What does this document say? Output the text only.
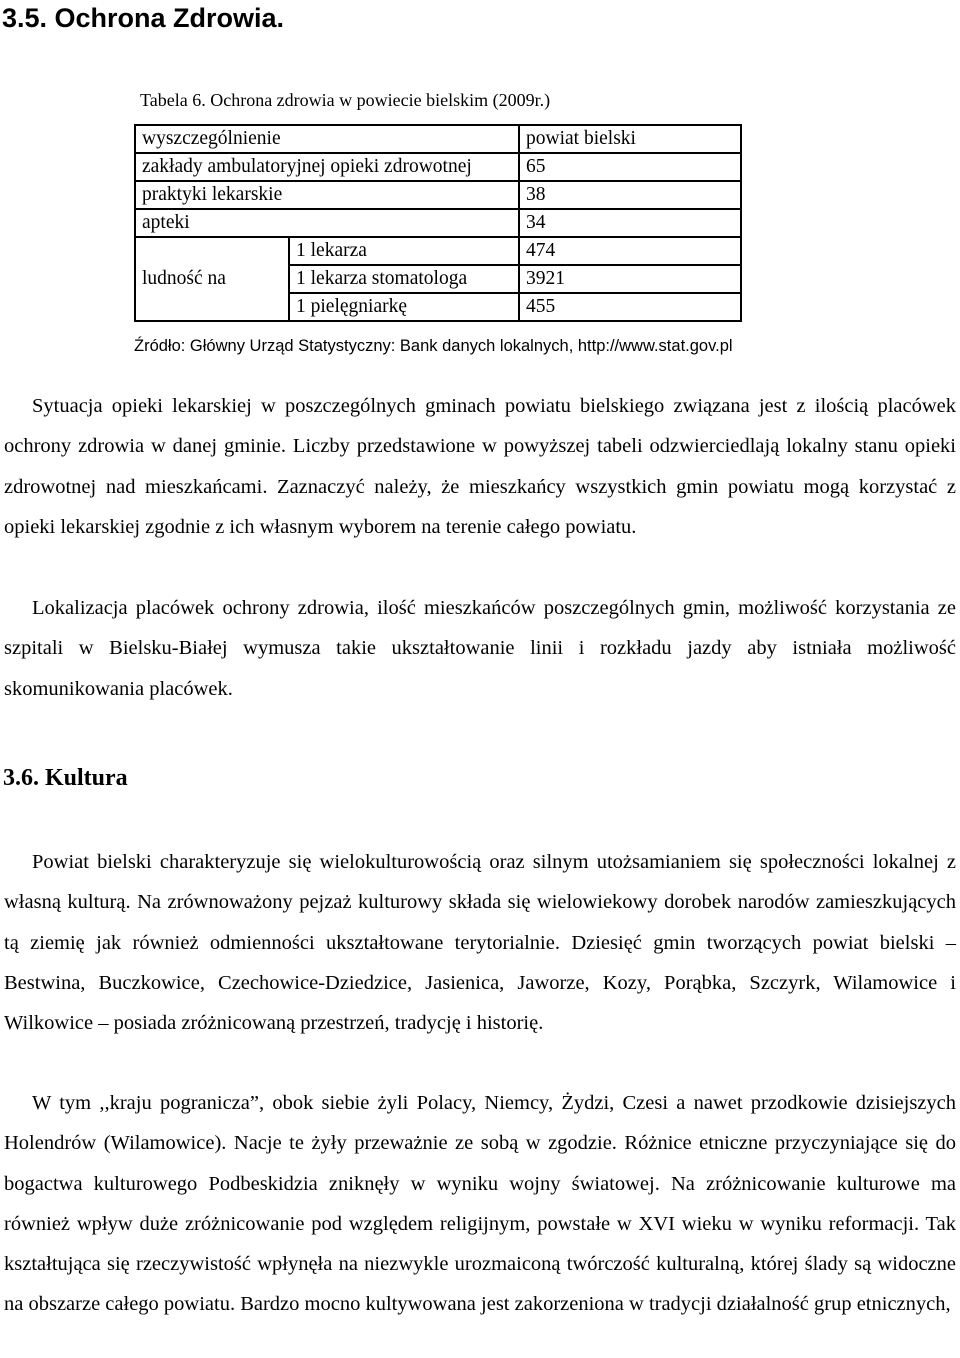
3.5. Ochrona Zdrowia.
Tabela 6. Ochrona zdrowia w powiecie bielskim (2009r.)
wyszczególnienie		powiat bielski
zakłady ambulatoryjnej opieki zdrowotnej		65
praktyki lekarskie		38
apteki		34
ludność na	1 lekarza	474
	1 lekarza stomatologa	3921
	1 pielęgniarkę	455
Źródło: Główny Urząd Statystyczny: Bank danych lokalnych, http://www.stat.gov.pl

Sytuacja opieki lekarskiej w poszczególnych gminach powiatu bielskiego związana jest z ilością placówek ochrony zdrowia w danej gminie. Liczby przedstawione w powyższej tabeli odzwierciedlają lokalny stanu opieki zdrowotnej nad mieszkańcami. Zaznaczyć należy, że mieszkańcy wszystkich gmin powiatu mogą korzystać z opieki lekarskiej zgodnie z ich własnym wyborem na terenie całego powiatu.

Lokalizacja placówek ochrony zdrowia, ilość mieszkańców poszczególnych gmin, możliwość korzystania ze szpitali w Bielsku-Białej wymusza takie ukształtowanie linii i rozkładu jazdy aby istniała możliwość skomunikowania placówek.

3.6. Kultura

Powiat bielski charakteryzuje się wielokulturowością oraz silnym utożsamianiem się społeczności lokalnej z własną kulturą. Na zrównoważony pejzaż kulturowy składa się wielowiekowy dorobek narodów zamieszkujących tą ziemię jak również odmienności ukształtowane terytorialnie. Dziesięć gmin tworzących powiat bielski – Bestwina, Buczkowice, Czechowice-Dziedzice, Jasienica, Jaworze, Kozy, Porąbka, Szczyrk, Wilamowice i Wilkowice – posiada zróżnicowaną przestrzeń, tradycję i historię.

W tym ,,kraju pogranicza”, obok siebie żyli Polacy, Niemcy, Żydzi, Czesi a nawet przodkowie dzisiejszych Holendrów (Wilamowice). Nacje te żyły przeważnie ze sobą w zgodzie. Różnice etniczne przyczyniające się do bogactwa kulturowego Podbeskidzia zniknęły w wyniku wojny światowej. Na zróżnicowanie kulturowe ma również wpływ duże zróżnicowanie pod względem religijnym, powstałe w XVI wieku w wyniku reformacji. Tak kształtująca się rzeczywistość wpłynęła na niezwykle urozmaiconą twórczość kulturalną, której ślady są widoczne na obszarze całego powiatu. Bardzo mocno kultywowana jest zakorzeniona w tradycji działalność grup etnicznych,
